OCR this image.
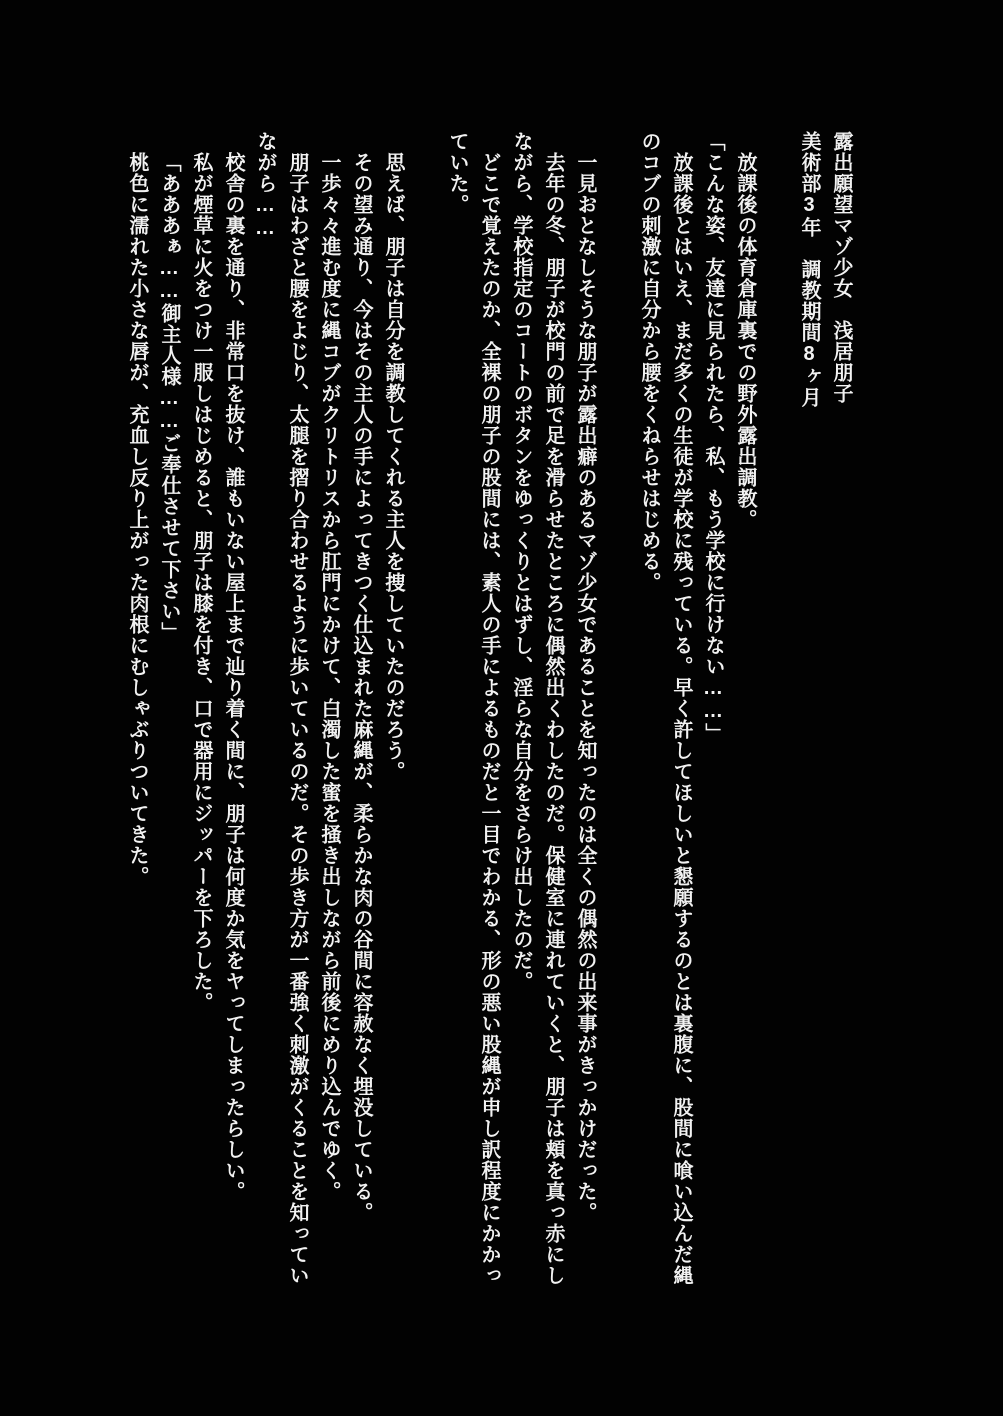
露出願望マゾ少女　浅居朋子
美術部3年　調教期間8ヶ月
放課後の体育倉庫裏での野外露出調教。
「こんな姿、友達に見られたら、私、もう学校に行けない……」
放課後とはいえ、まだ多くの生徒が学校に残っている。早く許してほしいと懇願するのとは裏腹に、股間に喰い込んだ縄
のコブの刺激に自分から腰をくねらせはじめる。
一見おとなしそうな朋子が露出癖のあるマゾ少女であることを知ったのは全くの偶然の出来事がきっかけだった。
去年の冬、朋子が校門の前で足を滑らせたところに偶然出くわしたのだ。保健室に連れていくと、朋子は頬を真っ赤にし
ながら、学校指定のコートのボタンをゆっくりとはずし、淫らな自分をさらけ出したのだ。
どこで覚えたのか、全裸の朋子の股間には、素人の手によるものだと一目でわかる、形の悪い股縄が申し訳程度にかかっ
ていた。
思えば、朋子は自分を調教してくれる主人を捜していたのだろう。
その望み通り、今はその主人の手によってきつく仕込まれた麻縄が、柔らかな肉の谷間に容赦なく埋没している。
一歩々々進む度に縄コブがクリトリスから肛門にかけて、白濁した蜜を掻き出しながら前後にめり込んでゆく。
朋子はわざと腰をよじり、太腿を摺り合わせるように歩いているのだ。その歩き方が一番強く刺激がくることを知ってい
ながら……
校舎の裏を通り、非常口を抜け、誰もいない屋上まで辿り着く間に、朋子は何度か気をヤってしまったらしい。
私が煙草に火をつけ一服しはじめると、朋子は膝を付き、口で器用にジッパーを下ろした。
「あああぁ……御主人様……ご奉仕させて下さい」
桃色に濡れた小さな唇が、充血し反り上がった肉根にむしゃぶりついてきた。
